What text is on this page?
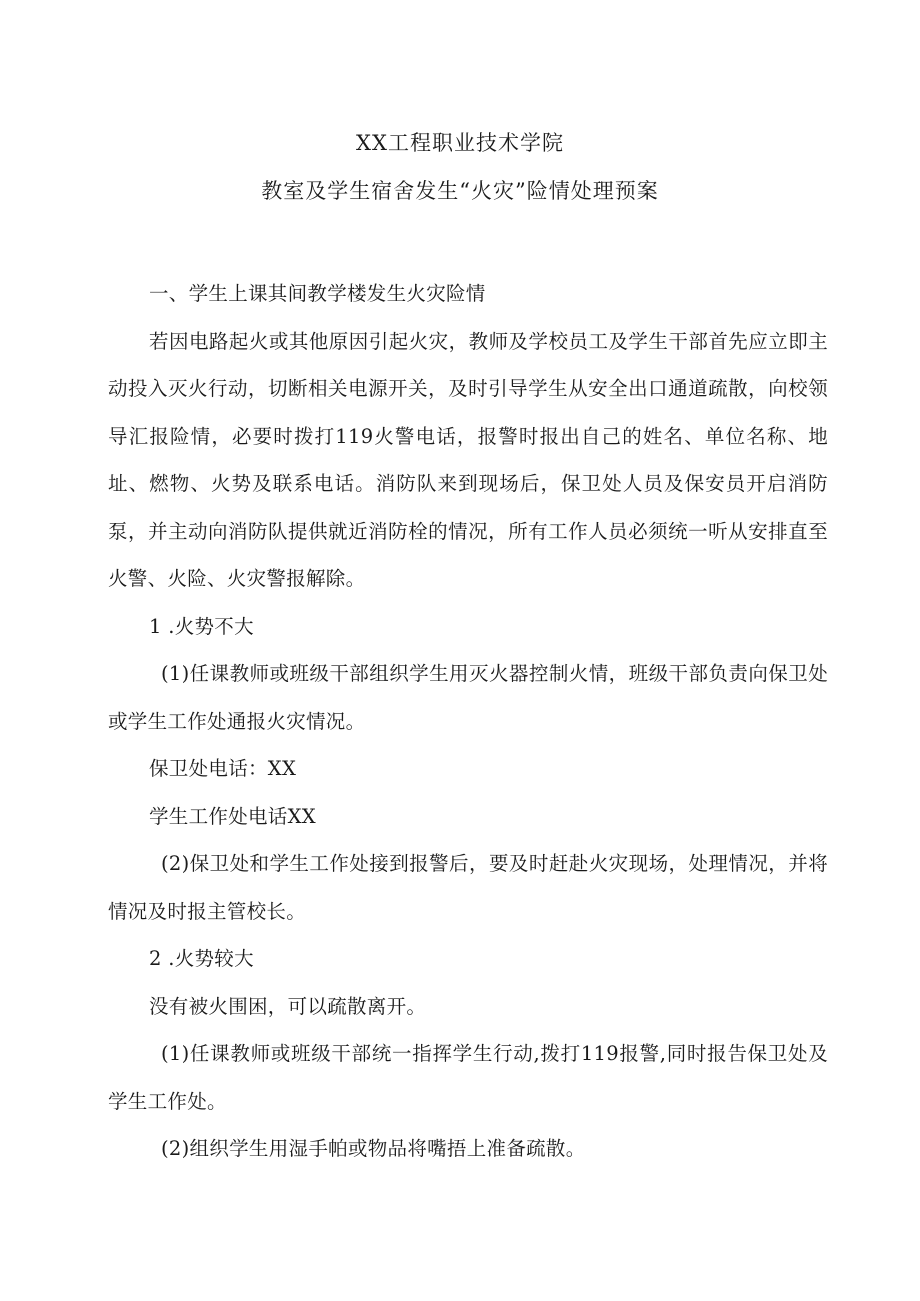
XX工程职业技术学院
教室及学生宿舍发生“火灾”险情处理预案

一、学生上课其间教学楼发生火灾险情

若因电路起火或其他原因引起火灾，教师及学校员工及学生干部首先应立即主动投入灭火行动，切断相关电源开关，及时引导学生从安全出口通道疏散，向校领导汇报险情，必要时拨打119火警电话，报警时报出自己的姓名、单位名称、地址、燃物、火势及联系电话。消防队来到现场后，保卫处人员及保安员开启消防泵，并主动向消防队提供就近消防栓的情况，所有工作人员必须统一听从安排直至火警、火险、火灾警报解除。

1 .火势不大

(1)任课教师或班级干部组织学生用灭火器控制火情，班级干部负责向保卫处或学生工作处通报火灾情况。

保卫处电话：XX

学生工作处电话XX

(2)保卫处和学生工作处接到报警后，要及时赶赴火灾现场，处理情况，并将情况及时报主管校长。

2 .火势较大

没有被火围困，可以疏散离开。

(1)任课教师或班级干部统一指挥学生行动,拨打119报警,同时报告保卫处及学生工作处。

(2)组织学生用湿手帕或物品将嘴捂上准备疏散。
